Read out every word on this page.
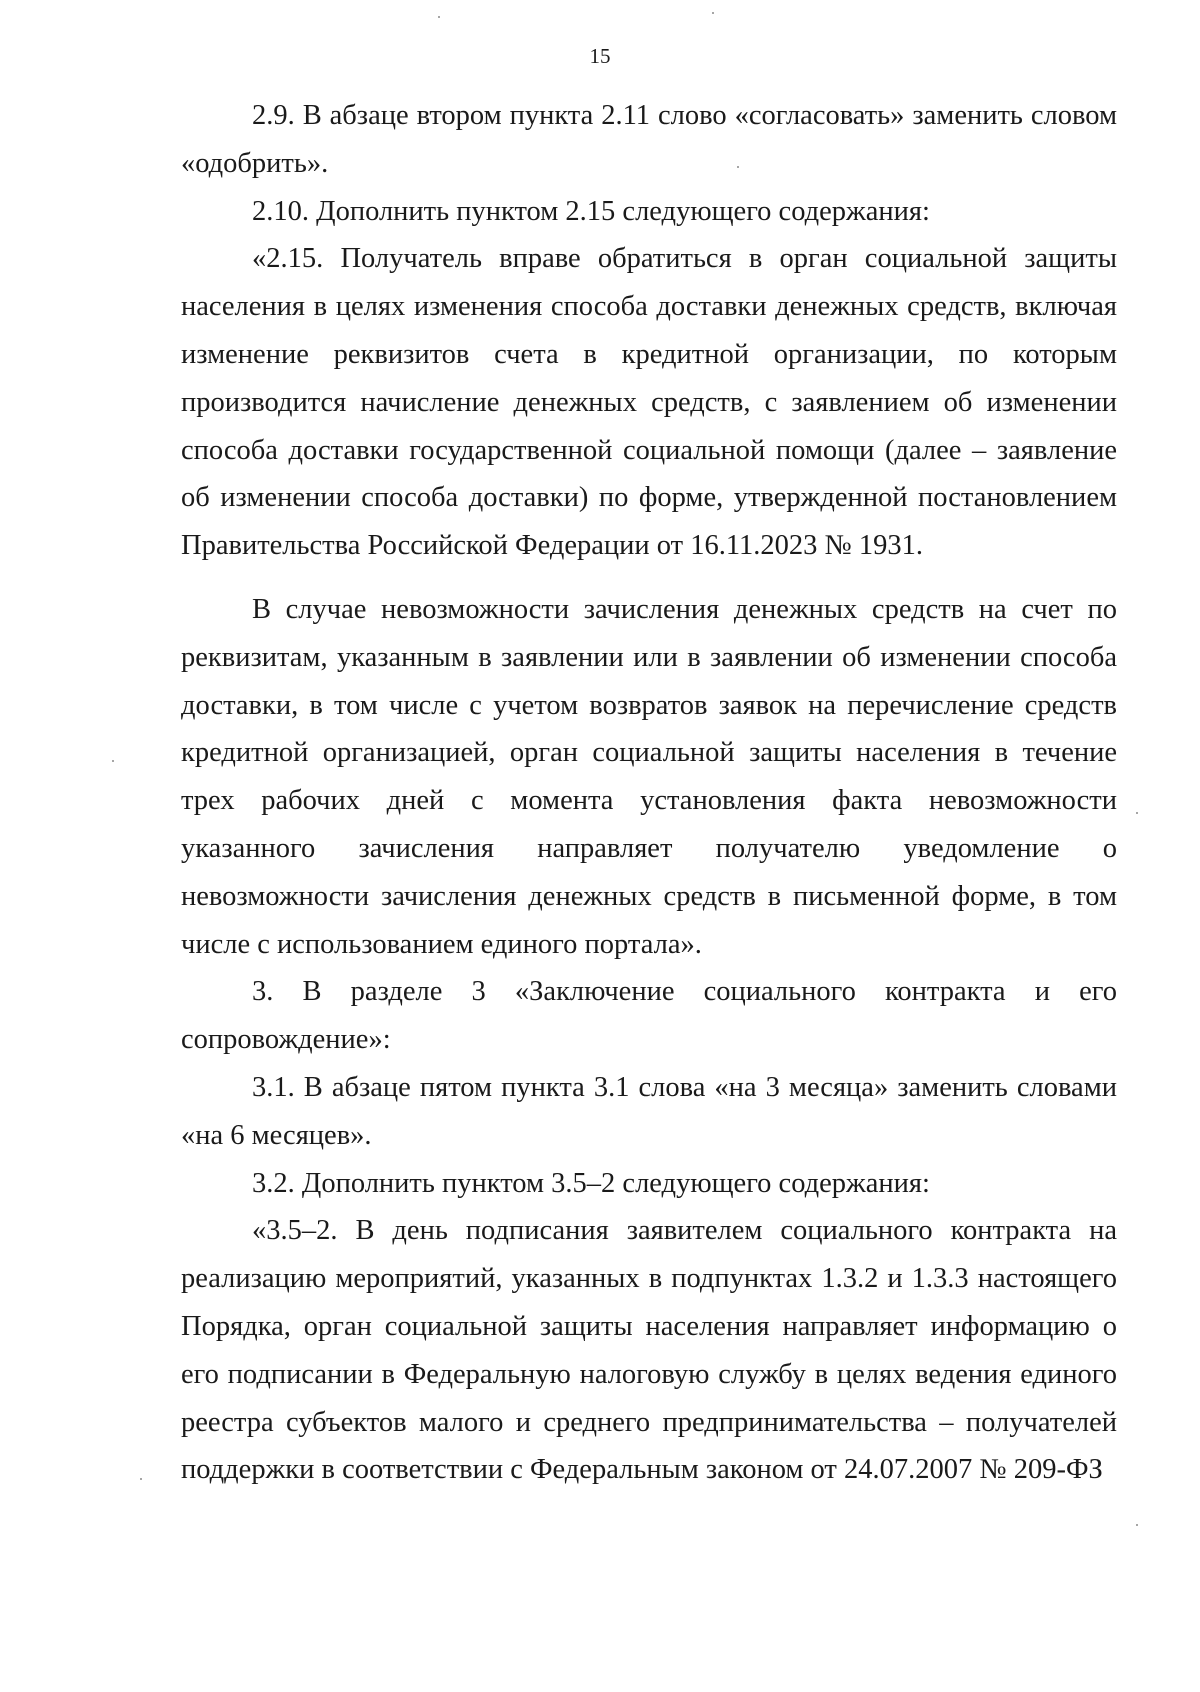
15

2.9. В абзаце втором пункта 2.11 слово «согласовать» заменить словом «одобрить».

2.10. Дополнить пунктом 2.15 следующего содержания:

«2.15. Получатель вправе обратиться в орган социальной защиты населения в целях изменения способа доставки денежных средств, включая изменение реквизитов счета в кредитной организации, по которым производится начисление денежных средств, с заявлением об изменении способа доставки государственной социальной помощи (далее – заявление об изменении способа доставки) по форме, утвержденной постановлением Правительства Российской Федерации от 16.11.2023 № 1931.

В случае невозможности зачисления денежных средств на счет по реквизитам, указанным в заявлении или в заявлении об изменении способа доставки, в том числе с учетом возвратов заявок на перечисление средств кредитной организацией, орган социальной защиты населения в течение трех рабочих дней с момента установления факта невозможности указанного зачисления направляет получателю уведомление о невозможности зачисления денежных средств в письменной форме, в том числе с использованием единого портала».

3. В разделе 3 «Заключение социального контракта и его сопровождение»:

3.1. В абзаце пятом пункта 3.1 слова «на 3 месяца» заменить словами «на 6 месяцев».

3.2. Дополнить пунктом 3.5–2 следующего содержания:

«3.5–2. В день подписания заявителем социального контракта на реализацию мероприятий, указанных в подпунктах 1.3.2 и 1.3.3 настоящего Порядка, орган социальной защиты населения направляет информацию о его подписании в Федеральную налоговую службу в целях ведения единого реестра субъектов малого и среднего предпринимательства – получателей поддержки в соответствии с Федеральным законом от 24.07.2007 № 209-ФЗ
